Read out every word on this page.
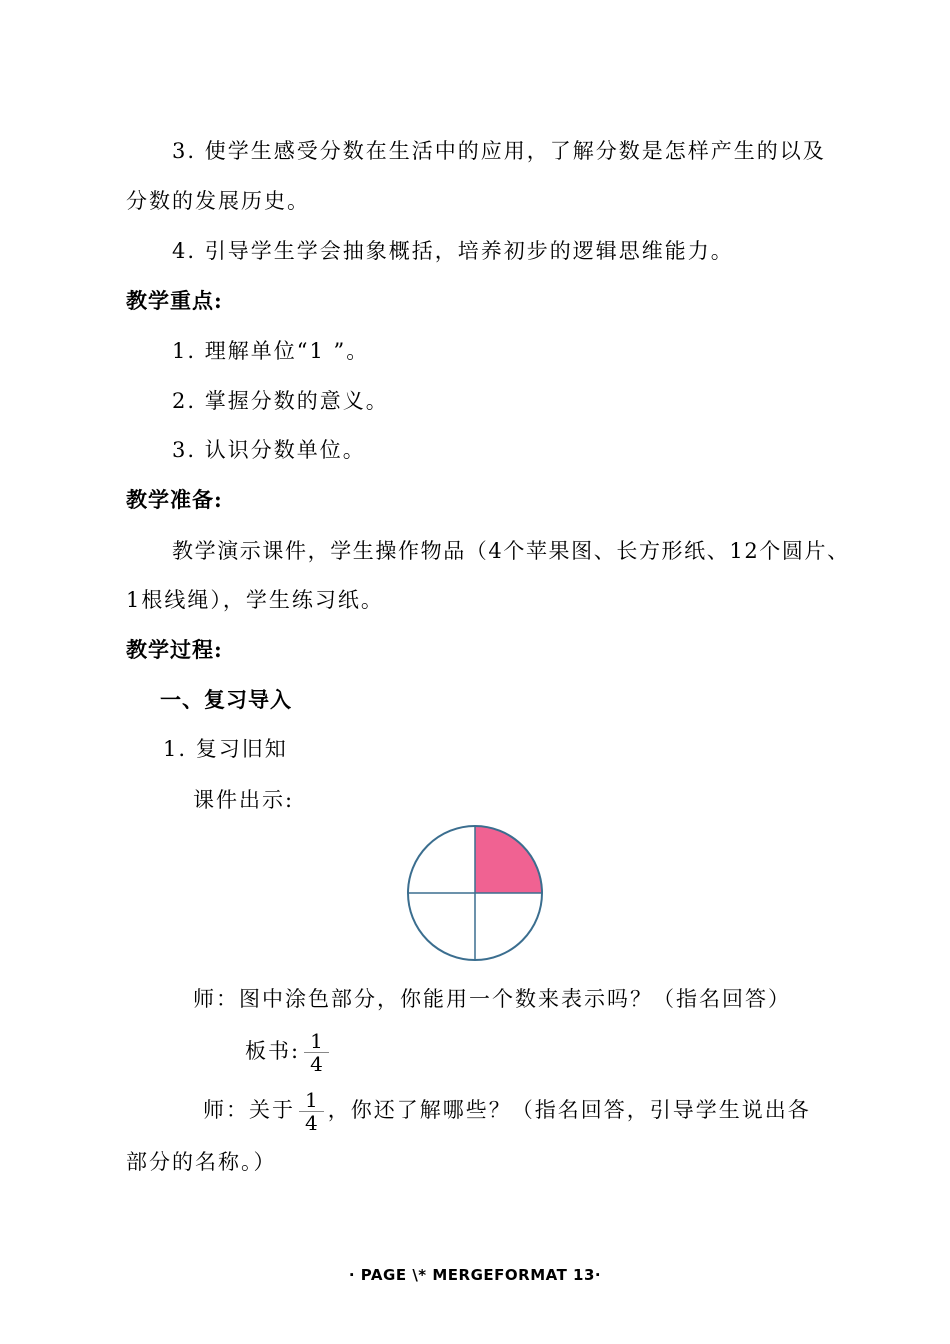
3. 使学生感受分数在生活中的应用，了解分数是怎样产生的以及
分数的发展历史。
4. 引导学生学会抽象概括，培养初步的逻辑思维能力。
教学重点:
1. 理解单位“1 ”。
2. 掌握分数的意义。
3. 认识分数单位。
教学准备:
教学演示课件，学生操作物品（4个苹果图、长方形纸、12个圆片、
1根线绳），学生练习纸。
教学过程:
一、复习导入
1. 复习旧知
课件出示:
师：图中涂色部分，你能用一个数来表示吗？（指名回答）
板书: $\frac{1}{4}$
师：关于 $\frac{1}{4}$ ，你还了解哪些？（指名回答，引导学生说出各
部分的名称。）
· PAGE \* MERGEFORMAT 13·
